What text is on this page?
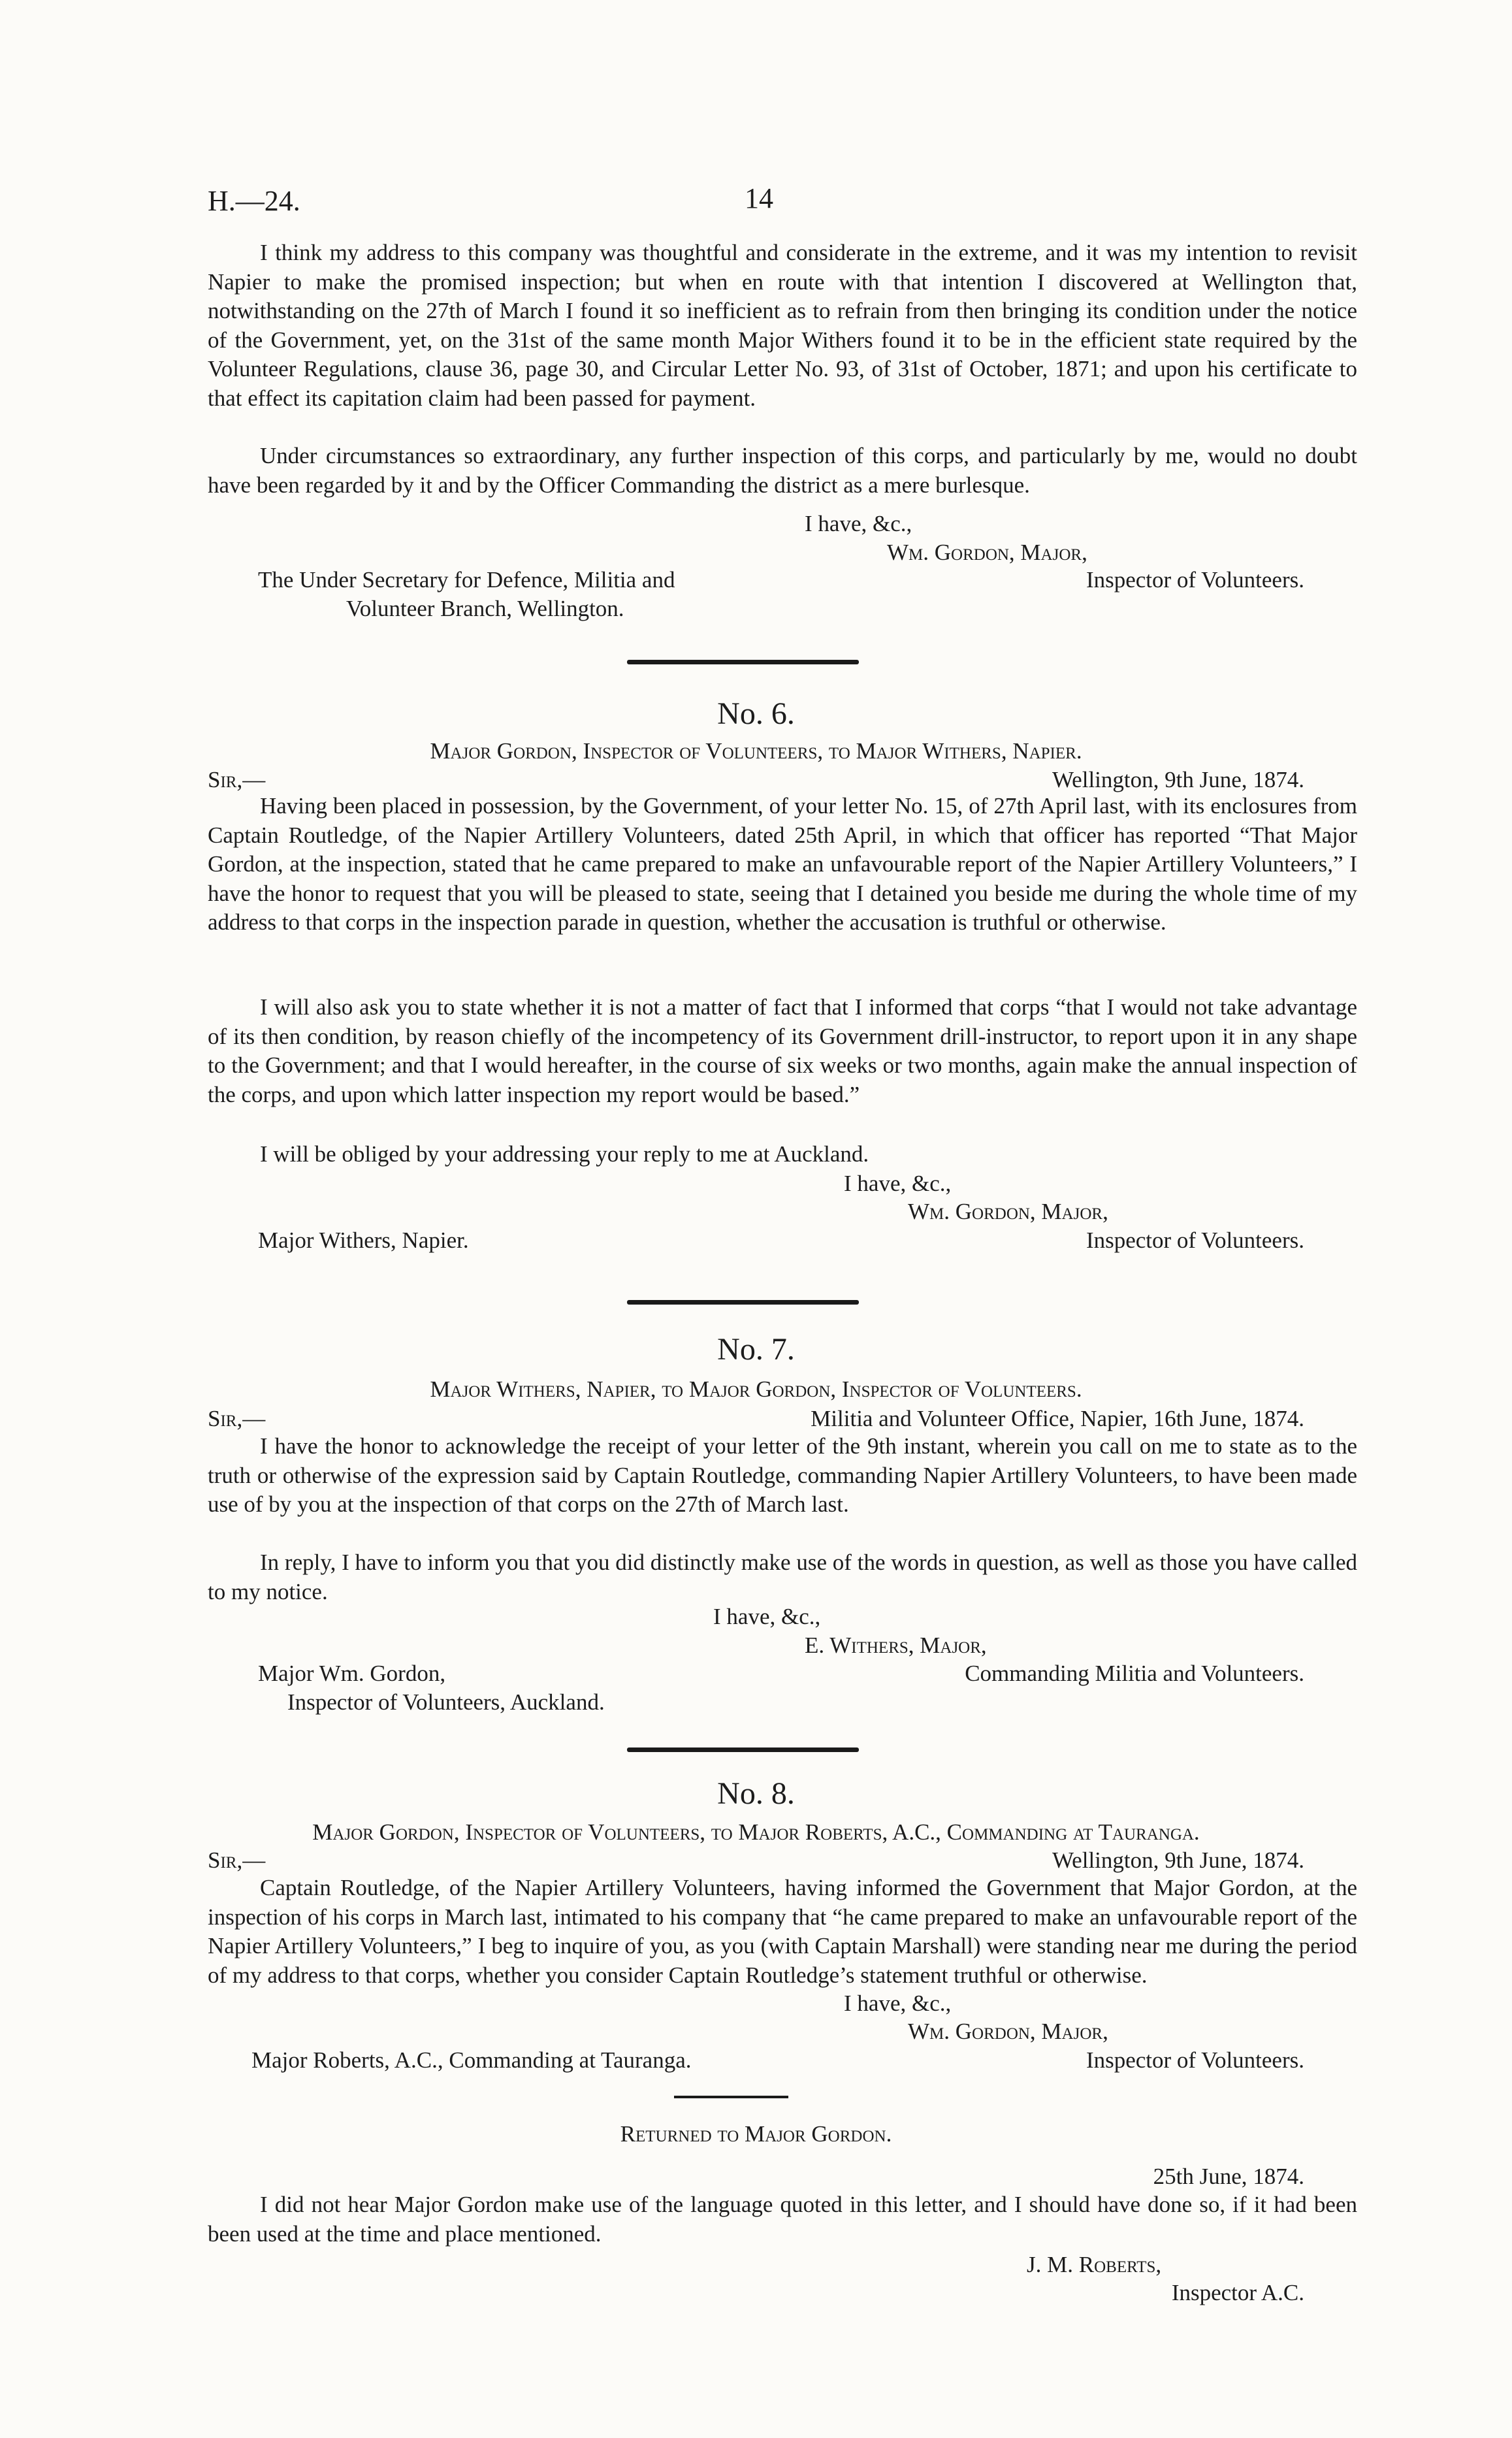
H.—24.	14
I think my address to this company was thoughtful and considerate in the extreme, and it was my intention to revisit Napier to make the promised inspection; but when en route with that intention I discovered at Wellington that, notwithstanding on the 27th of March I found it so inefficient as to refrain from then bringing its condition under the notice of the Government, yet, on the 31st of the same month Major Withers found it to be in the efficient state required by the Volunteer Regulations, clause 36, page 30, and Circular Letter No. 93, of 31st of October, 1871; and upon his certificate to that effect its capitation claim had been passed for payment.
Under circumstances so extraordinary, any further inspection of this corps, and particularly by me, would no doubt have been regarded by it and by the Officer Commanding the district as a mere burlesque.
I have, &c.,
Wm. Gordon, Major,
The Under Secretary for Defence, Militia and	Inspector of Volunteers.
Volunteer Branch, Wellington.
No. 6.
Major Gordon, Inspector of Volunteers, to Major Withers, Napier.
Sir,—	Wellington, 9th June, 1874.
Having been placed in possession, by the Government, of your letter No. 15, of 27th April last, with its enclosures from Captain Routledge, of the Napier Artillery Volunteers, dated 25th April, in which that officer has reported “That Major Gordon, at the inspection, stated that he came prepared to make an unfavourable report of the Napier Artillery Volunteers,” I have the honor to request that you will be pleased to state, seeing that I detained you beside me during the whole time of my address to that corps in the inspection parade in question, whether the accusation is truthful or otherwise.
I will also ask you to state whether it is not a matter of fact that I informed that corps “that I would not take advantage of its then condition, by reason chiefly of the incompetency of its Government drill-instructor, to report upon it in any shape to the Government; and that I would hereafter, in the course of six weeks or two months, again make the annual inspection of the corps, and upon which latter inspection my report would be based.”
I will be obliged by your addressing your reply to me at Auckland.
I have, &c.,
Wm. Gordon, Major,
Major Withers, Napier.	Inspector of Volunteers.
No. 7.
Major Withers, Napier, to Major Gordon, Inspector of Volunteers.
Sir,—	Militia and Volunteer Office, Napier, 16th June, 1874.
I have the honor to acknowledge the receipt of your letter of the 9th instant, wherein you call on me to state as to the truth or otherwise of the expression said by Captain Routledge, commanding Napier Artillery Volunteers, to have been made use of by you at the inspection of that corps on the 27th of March last.
In reply, I have to inform you that you did distinctly make use of the words in question, as well as those you have called to my notice.
I have, &c.,
E. Withers, Major,
Major Wm. Gordon,	Commanding Militia and Volunteers.
Inspector of Volunteers, Auckland.
No. 8.
Major Gordon, Inspector of Volunteers, to Major Roberts, A.C., Commanding at Tauranga.
Sir,—	Wellington, 9th June, 1874.
Captain Routledge, of the Napier Artillery Volunteers, having informed the Government that Major Gordon, at the inspection of his corps in March last, intimated to his company that “he came prepared to make an unfavourable report of the Napier Artillery Volunteers,” I beg to inquire of you, as you (with Captain Marshall) were standing near me during the period of my address to that corps, whether you consider Captain Routledge’s statement truthful or otherwise.
I have, &c.,
Wm. Gordon, Major,
Major Roberts, A.C., Commanding at Tauranga.	Inspector of Volunteers.
Returned to Major Gordon.
25th June, 1874.
I did not hear Major Gordon make use of the language quoted in this letter, and I should have done so, if it had been been used at the time and place mentioned.
J. M. Roberts,
Inspector A.C.
